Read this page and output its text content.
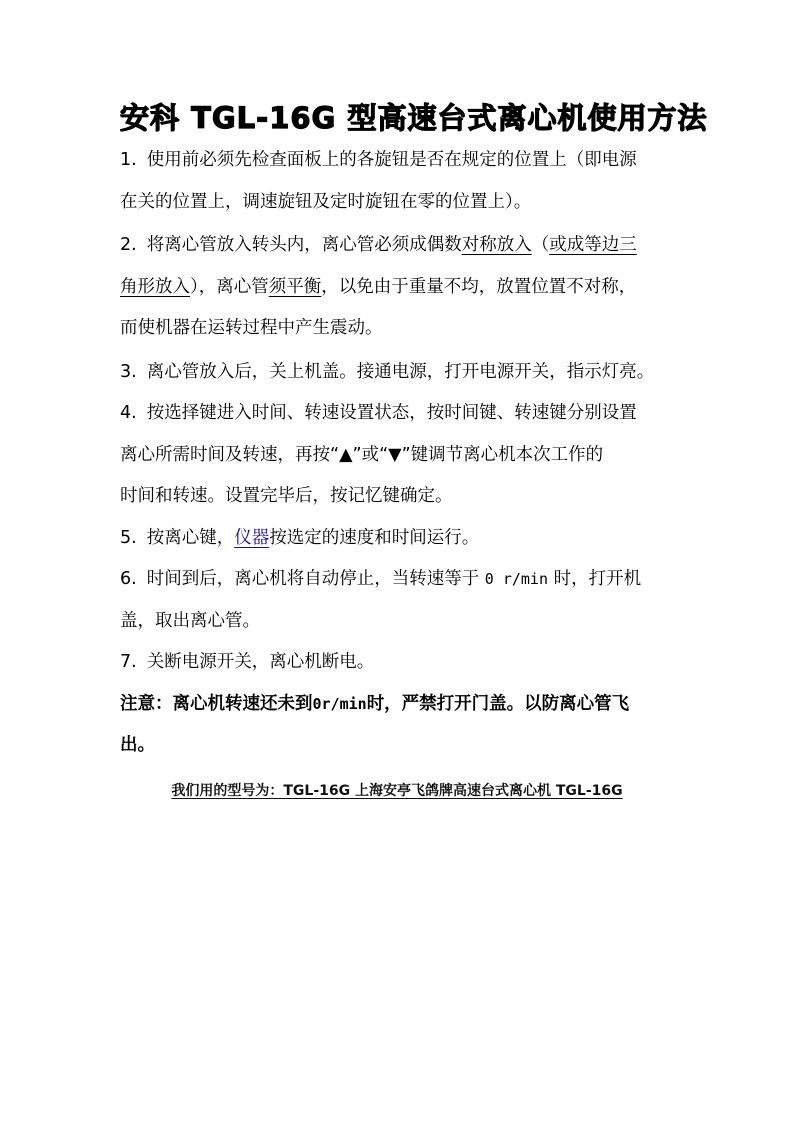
安科 TGL-16G 型高速台式离心机使用方法
1. 使用前必须先检查面板上的各旋钮是否在规定的位置上（即电源
在关的位置上，调速旋钮及定时旋钮在零的位置上）。
2. 将离心管放入转头内，离心管必须成偶数对称放入（或成等边三
角形放入），离心管须平衡，以免由于重量不均，放置位置不对称，
而使机器在运转过程中产生震动。
3. 离心管放入后，关上机盖。接通电源，打开电源开关，指示灯亮。
4. 按选择键进入时间、转速设置状态，按时间键、转速键分别设置
离心所需时间及转速，再按“▲”或“▼”键调节离心机本次工作的
时间和转速。设置完毕后，按记忆键确定。
5. 按离心键，仪器按选定的速度和时间运行。
6. 时间到后，离心机将自动停止，当转速等于 0 r/min 时，打开机
盖，取出离心管。
7. 关断电源开关，离心机断电。
注意：离心机转速还未到0r/min时，严禁打开门盖。以防离心管飞
出。
我们用的型号为：TGL-16G 上海安亭飞鸽牌高速台式离心机 TGL-16G
